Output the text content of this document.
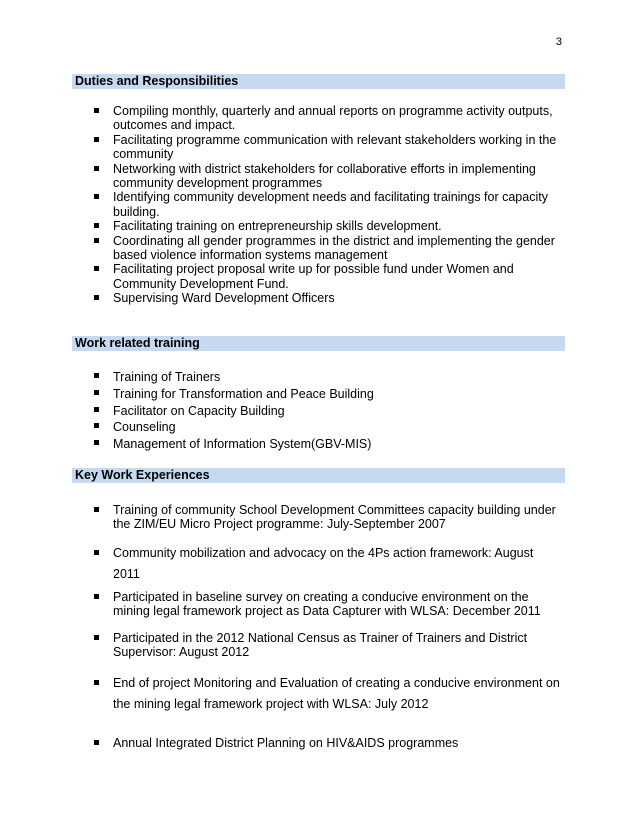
3
Duties and Responsibilities
Compiling monthly, quarterly and annual reports on programme activity outputs, outcomes and impact.
Facilitating programme communication with relevant stakeholders working in the community
Networking with district stakeholders for collaborative efforts in implementing community development programmes
Identifying community development needs and facilitating trainings for capacity building.
Facilitating training on entrepreneurship skills development.
Coordinating all gender programmes in the district and implementing the gender based violence information systems management
Facilitating project proposal write up for possible fund under Women and Community Development Fund.
Supervising Ward Development Officers
Work related training
Training of Trainers
Training for Transformation and Peace Building
Facilitator on Capacity Building
Counseling
Management of Information System(GBV-MIS)
Key Work Experiences
Training of community School Development Committees capacity building under the ZIM/EU Micro Project programme: July-September 2007
Community mobilization and advocacy on the 4Ps action framework: August 2011
Participated in baseline survey on creating a conducive environment on the mining legal framework project as Data Capturer with WLSA: December 2011
Participated in the 2012 National Census as Trainer of Trainers and District Supervisor: August 2012
End of project Monitoring and Evaluation of creating a conducive environment on the mining legal framework project with WLSA: July 2012
Annual Integrated District Planning on HIV&AIDS programmes
